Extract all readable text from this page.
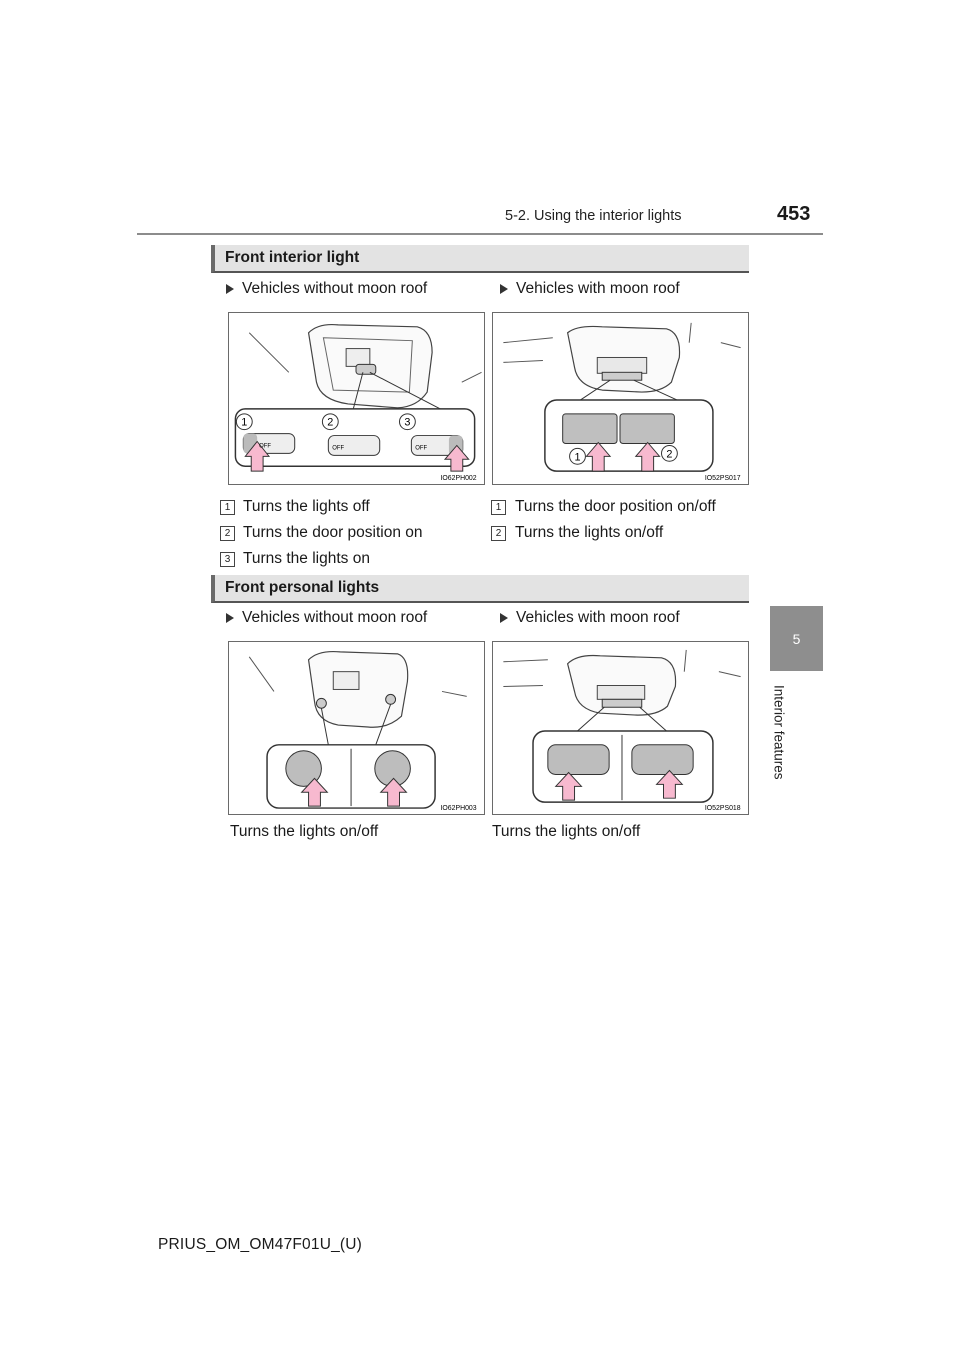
5-2. Using the interior lights	453
5
Interior features
Front interior light
Vehicles without moon roof	Vehicles with moon roof
1	2	3
OFF	OFF	OFF
IO62PH002
1	2
IO52PS017
1 Turns the lights off
2 Turns the door position on
3 Turns the lights on
1 Turns the door position on/off
2 Turns the lights on/off
Front personal lights
Vehicles without moon roof	Vehicles with moon roof
IO62PH003	IO52PS018
Turns the lights on/off	Turns the lights on/off
PRIUS_OM_OM47F01U_(U)
